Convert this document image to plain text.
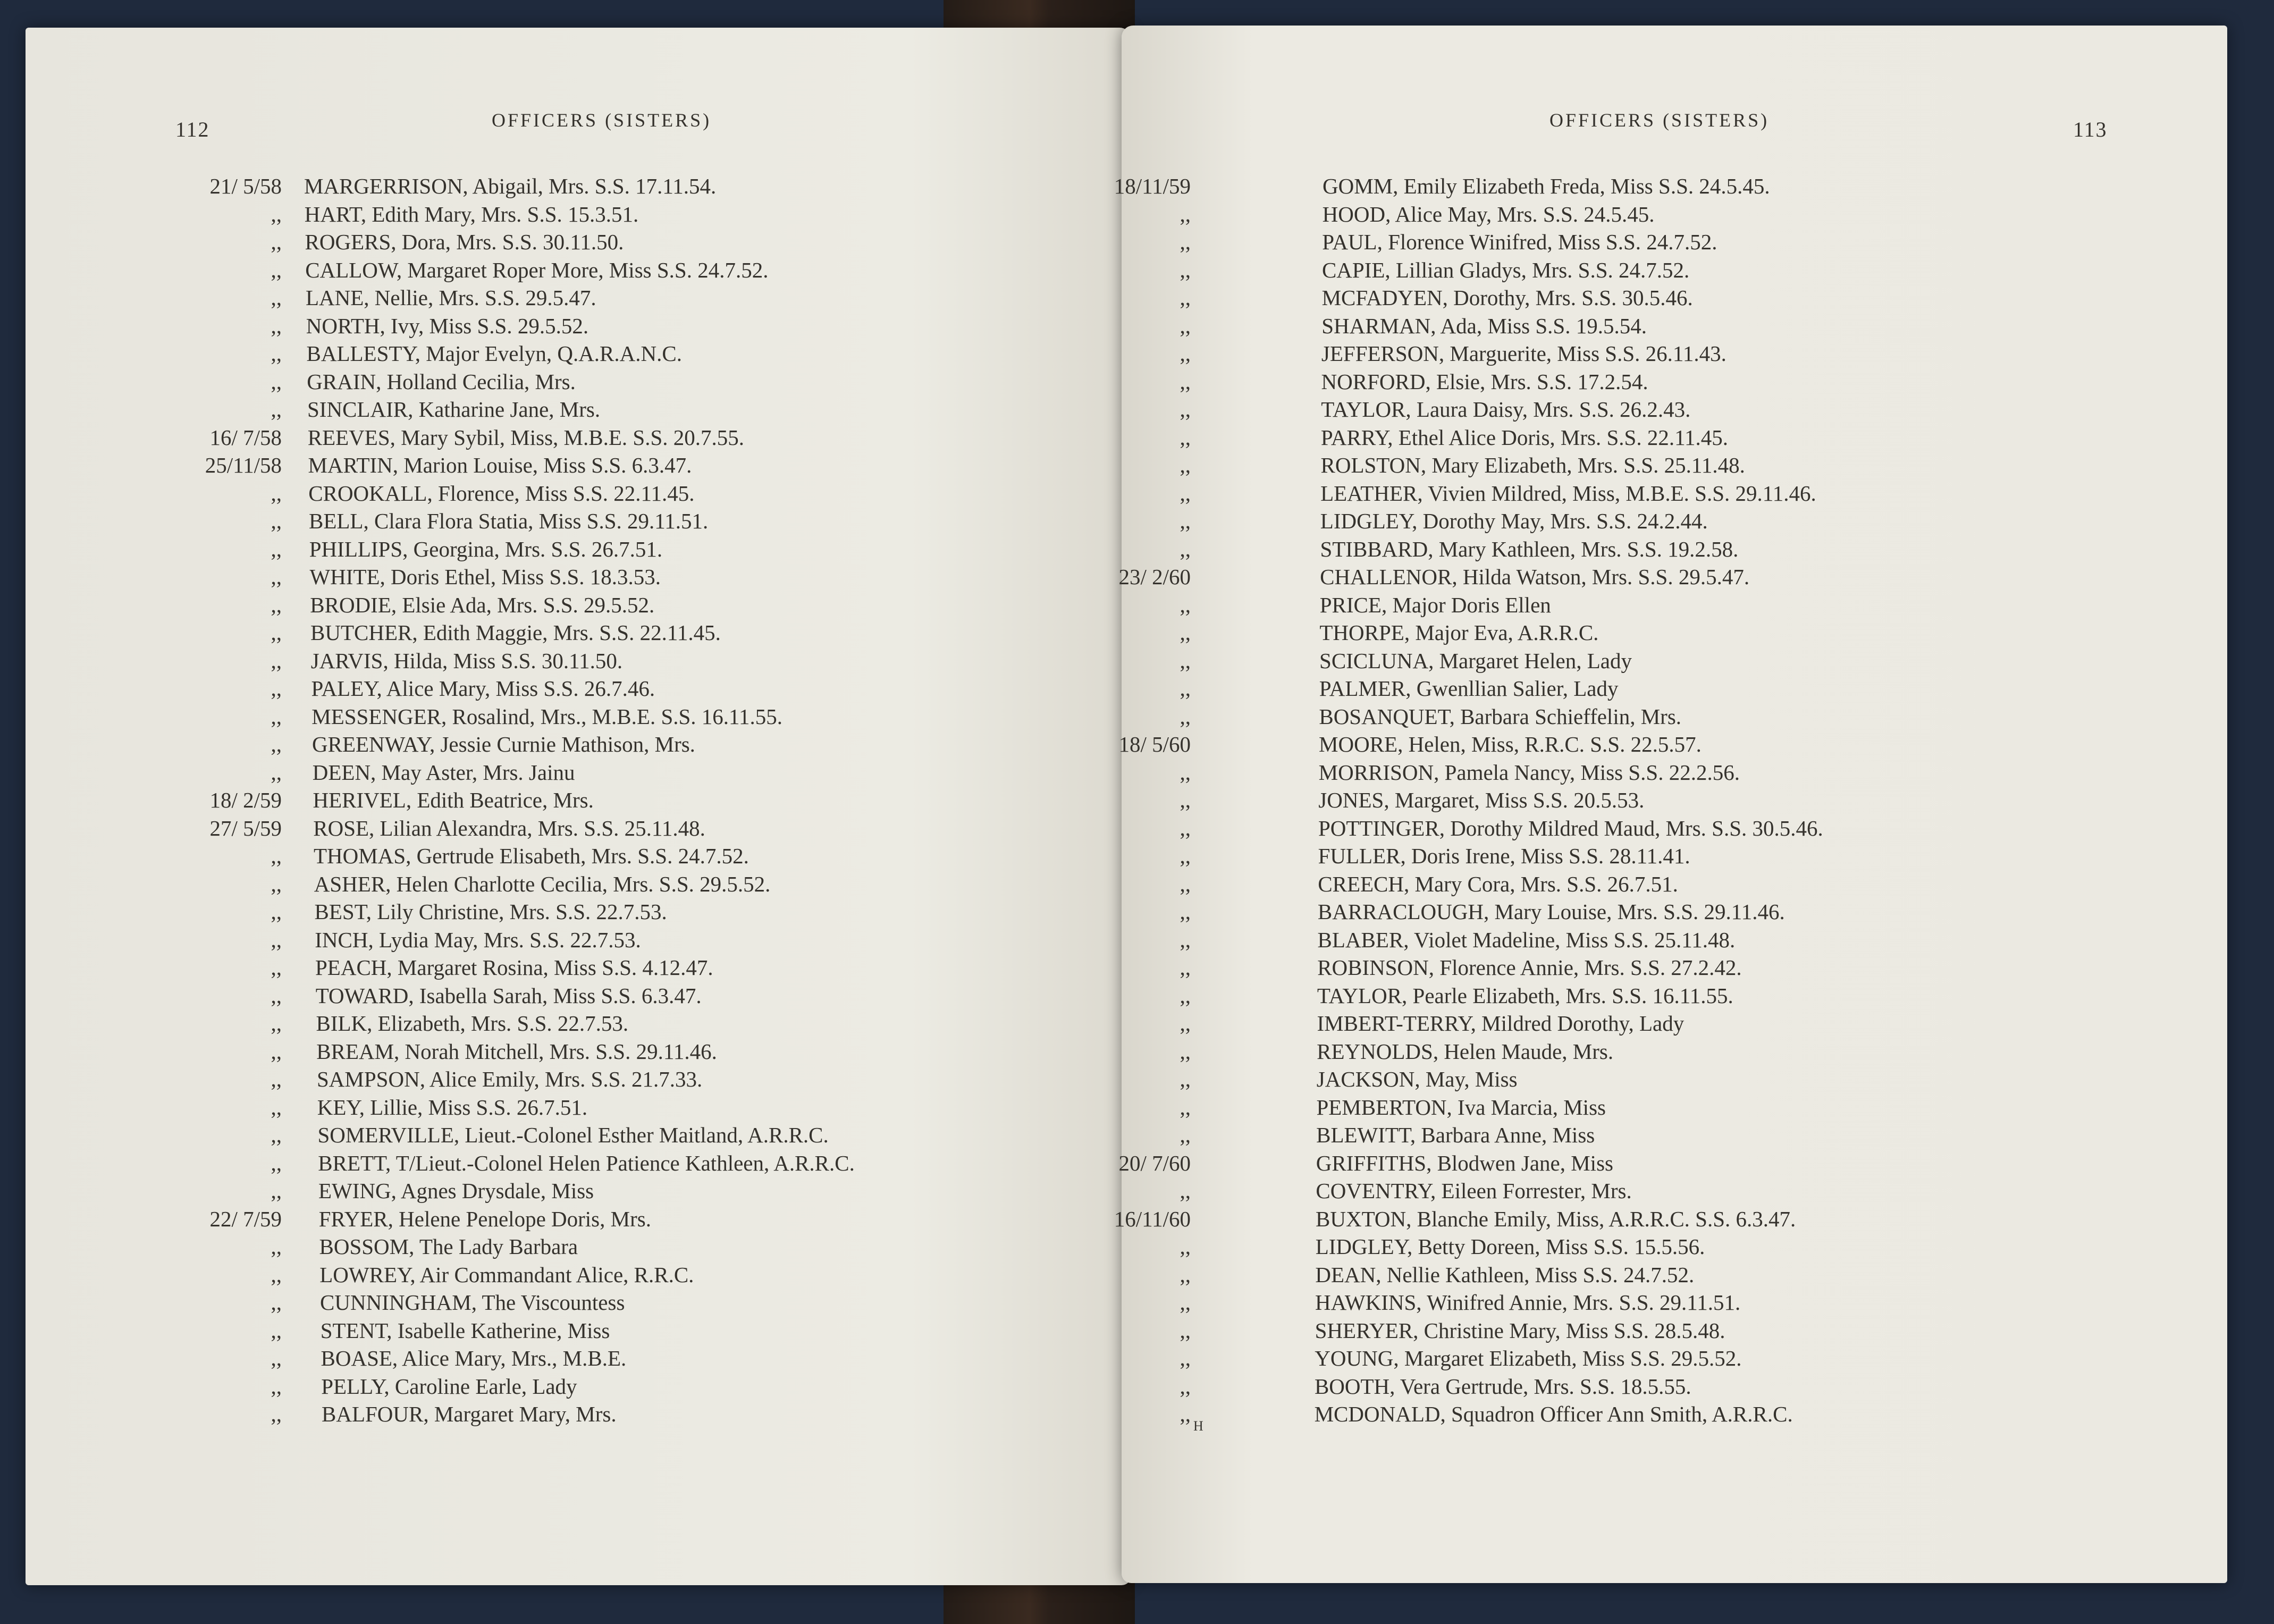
112	OFFICERS (SISTERS)	113
OFFICERS (SISTERS)
21/ 5/58 MARGERRISON, Abigail, Mrs. S.S. 17.11.54.
,, HART, Edith Mary, Mrs. S.S. 15.3.51.
,, ROGERS, Dora, Mrs. S.S. 30.11.50.
,, CALLOW, Margaret Roper More, Miss S.S. 24.7.52.
,, LANE, Nellie, Mrs. S.S. 29.5.47.
,, NORTH, Ivy, Miss S.S. 29.5.52.
,, BALLESTY, Major Evelyn, Q.A.R.A.N.C.
,, GRAIN, Holland Cecilia, Mrs.
,, SINCLAIR, Katharine Jane, Mrs.
16/ 7/58 REEVES, Mary Sybil, Miss, M.B.E. S.S. 20.7.55.
25/11/58 MARTIN, Marion Louise, Miss S.S. 6.3.47.
,, CROOKALL, Florence, Miss S.S. 22.11.45.
,, BELL, Clara Flora Statia, Miss S.S. 29.11.51.
,, PHILLIPS, Georgina, Mrs. S.S. 26.7.51.
,, WHITE, Doris Ethel, Miss S.S. 18.3.53.
,, BRODIE, Elsie Ada, Mrs. S.S. 29.5.52.
,, BUTCHER, Edith Maggie, Mrs. S.S. 22.11.45.
,, JARVIS, Hilda, Miss S.S. 30.11.50.
,, PALEY, Alice Mary, Miss S.S. 26.7.46.
,, MESSENGER, Rosalind, Mrs., M.B.E. S.S. 16.11.55.
,, GREENWAY, Jessie Curnie Mathison, Mrs.
,, DEEN, May Aster, Mrs. Jainu
18/ 2/59 HERIVEL, Edith Beatrice, Mrs.
27/ 5/59 ROSE, Lilian Alexandra, Mrs. S.S. 25.11.48.
,, THOMAS, Gertrude Elisabeth, Mrs. S.S. 24.7.52.
,, ASHER, Helen Charlotte Cecilia, Mrs. S.S. 29.5.52.
,, BEST, Lily Christine, Mrs. S.S. 22.7.53.
,, INCH, Lydia May, Mrs. S.S. 22.7.53.
,, PEACH, Margaret Rosina, Miss S.S. 4.12.47.
,, TOWARD, Isabella Sarah, Miss S.S. 6.3.47.
,, BILK, Elizabeth, Mrs. S.S. 22.7.53.
,, BREAM, Norah Mitchell, Mrs. S.S. 29.11.46.
,, SAMPSON, Alice Emily, Mrs. S.S. 21.7.33.
,, KEY, Lillie, Miss S.S. 26.7.51.
,, SOMERVILLE, Lieut.-Colonel Esther Maitland, A.R.R.C.
,, BRETT, T/Lieut.-Colonel Helen Patience Kathleen, A.R.R.C.
,, EWING, Agnes Drysdale, Miss
22/ 7/59 FRYER, Helene Penelope Doris, Mrs.
,, BOSSOM, The Lady Barbara
,, LOWREY, Air Commandant Alice, R.R.C.
,, CUNNINGHAM, The Viscountess
,, STENT, Isabelle Katherine, Miss
,, BOASE, Alice Mary, Mrs., M.B.E.
,, PELLY, Caroline Earle, Lady
,, BALFOUR, Margaret Mary, Mrs.
18/11/59	GOMM, Emily Elizabeth Freda, Miss S.S. 24.5.45.
,,	HOOD, Alice May, Mrs. S.S. 24.5.45.
,,	PAUL, Florence Winifred, Miss S.S. 24.7.52.
,,	CAPIE, Lillian Gladys, Mrs. S.S. 24.7.52.
,,	MCFADYEN, Dorothy, Mrs. S.S. 30.5.46.
,,	SHARMAN, Ada, Miss S.S. 19.5.54.
,,	JEFFERSON, Marguerite, Miss S.S. 26.11.43.
,,	NORFORD, Elsie, Mrs. S.S. 17.2.54.
,,	TAYLOR, Laura Daisy, Mrs. S.S. 26.2.43.
,,	PARRY, Ethel Alice Doris, Mrs. S.S. 22.11.45.
,,	ROLSTON, Mary Elizabeth, Mrs. S.S. 25.11.48.
,,	LEATHER, Vivien Mildred, Miss, M.B.E. S.S. 29.11.46.
,,	LIDGLEY, Dorothy May, Mrs. S.S. 24.2.44.
,,	STIBBARD, Mary Kathleen, Mrs. S.S. 19.2.58.
23/ 2/60	CHALLENOR, Hilda Watson, Mrs. S.S. 29.5.47.
,,	PRICE, Major Doris Ellen
,,	THORPE, Major Eva, A.R.R.C.
,,	SCICLUNA, Margaret Helen, Lady
,,	PALMER, Gwenllian Salier, Lady
,,	BOSANQUET, Barbara Schieffelin, Mrs.
18/ 5/60	MOORE, Helen, Miss, R.R.C. S.S. 22.5.57.
,,	MORRISON, Pamela Nancy, Miss S.S. 22.2.56.
,,	JONES, Margaret, Miss S.S. 20.5.53.
,,	POTTINGER, Dorothy Mildred Maud, Mrs. S.S. 30.5.46.
,,	FULLER, Doris Irene, Miss S.S. 28.11.41.
,,	CREECH, Mary Cora, Mrs. S.S. 26.7.51.
,,	BARRACLOUGH, Mary Louise, Mrs. S.S. 29.11.46.
,,	BLABER, Violet Madeline, Miss S.S. 25.11.48.
,,	ROBINSON, Florence Annie, Mrs. S.S. 27.2.42.
,,	TAYLOR, Pearle Elizabeth, Mrs. S.S. 16.11.55.
,,	IMBERT-TERRY, Mildred Dorothy, Lady
,,	REYNOLDS, Helen Maude, Mrs.
,,	JACKSON, May, Miss
,,	PEMBERTON, Iva Marcia, Miss
,,	BLEWITT, Barbara Anne, Miss
20/ 7/60	GRIFFITHS, Blodwen Jane, Miss
,,	COVENTRY, Eileen Forrester, Mrs.
16/11/60	BUXTON, Blanche Emily, Miss, A.R.R.C. S.S. 6.3.47.
,,	LIDGLEY, Betty Doreen, Miss S.S. 15.5.56.
,,	DEAN, Nellie Kathleen, Miss S.S. 24.7.52.
,,	HAWKINS, Winifred Annie, Mrs. S.S. 29.11.51.
,,	SHERYER, Christine Mary, Miss S.S. 28.5.48.
,,	YOUNG, Margaret Elizabeth, Miss S.S. 29.5.52.
,,	BOOTH, Vera Gertrude, Mrs. S.S. 18.5.55.
,,	MCDONALD, Squadron Officer Ann Smith, A.R.R.C.
H
